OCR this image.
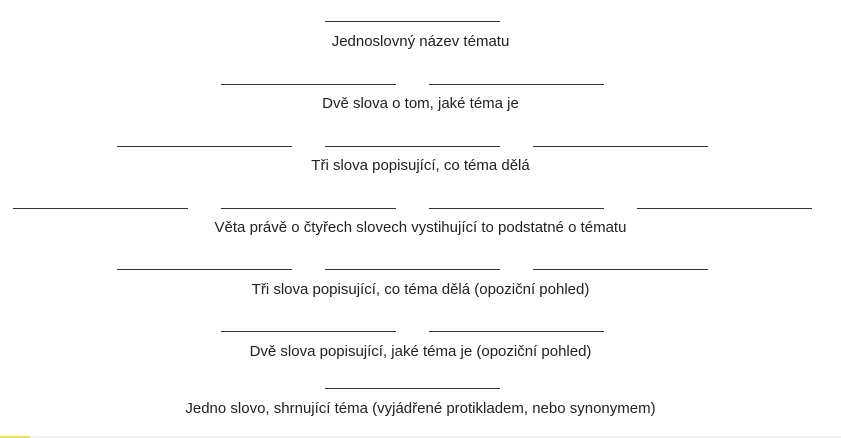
Jednoslovný název tématu
Dvě slova o tom, jaké téma je
Tři slova popisující, co téma dělá
Věta právě o čtyřech slovech vystihující to podstatné o tématu
Tři slova popisující, co téma dělá (opoziční pohled)
Dvě slova popisující, jaké téma je (opoziční pohled)
Jedno slovo, shrnující téma (vyjádřené protikladem, nebo synonymem)
